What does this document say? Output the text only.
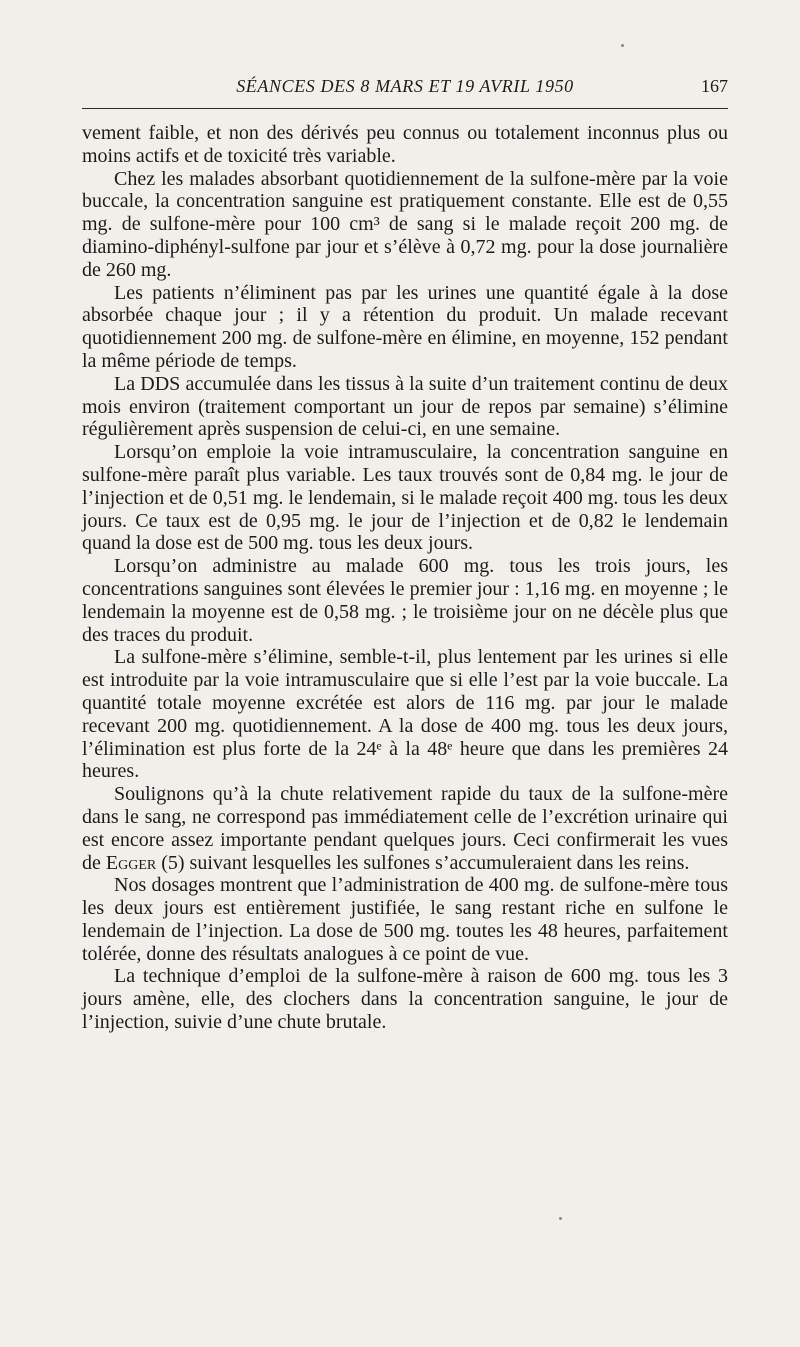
SÉANCES DES 8 MARS ET 19 AVRIL 1950	167

vement faible, et non des dérivés peu connus ou totalement inconnus plus ou moins actifs et de toxicité très variable.

Chez les malades absorbant quotidiennement de la sulfone-mère par la voie buccale, la concentration sanguine est pratiquement constante. Elle est de 0,55 mg. de sulfone-mère pour 100 cm³ de sang si le malade reçoit 200 mg. de diamino-diphényl-sulfone par jour et s’élève à 0,72 mg. pour la dose journalière de 260 mg.

Les patients n’éliminent pas par les urines une quantité égale à la dose absorbée chaque jour ; il y a rétention du produit. Un malade recevant quotidiennement 200 mg. de sulfone-mère en élimine, en moyenne, 152 pendant la même période de temps.

La DDS accumulée dans les tissus à la suite d’un traitement continu de deux mois environ (traitement comportant un jour de repos par semaine) s’élimine régulièrement après suspension de celui-ci, en une semaine.

Lorsqu’on emploie la voie intramusculaire, la concentration sanguine en sulfone-mère paraît plus variable. Les taux trouvés sont de 0,84 mg. le jour de l’injection et de 0,51 mg. le lendemain, si le malade reçoit 400 mg. tous les deux jours. Ce taux est de 0,95 mg. le jour de l’injection et de 0,82 le lendemain quand la dose est de 500 mg. tous les deux jours.

Lorsqu’on administre au malade 600 mg. tous les trois jours, les concentrations sanguines sont élevées le premier jour : 1,16 mg. en moyenne ; le lendemain la moyenne est de 0,58 mg. ; le troisième jour on ne décèle plus que des traces du produit.

La sulfone-mère s’élimine, semble-t-il, plus lentement par les urines si elle est introduite par la voie intramusculaire que si elle l’est par la voie buccale. La quantité totale moyenne excrétée est alors de 116 mg. par jour le malade recevant 200 mg. quotidiennement. A la dose de 400 mg. tous les deux jours, l’élimination est plus forte de la 24ᵉ à la 48ᵉ heure que dans les premières 24 heures.

Soulignons qu’à la chute relativement rapide du taux de la sulfone-mère dans le sang, ne correspond pas immédiatement celle de l’excrétion urinaire qui est encore assez importante pendant quelques jours. Ceci confirmerait les vues de Egger (5) suivant lesquelles les sulfones s’accumuleraient dans les reins.

Nos dosages montrent que l’administration de 400 mg. de sulfone-mère tous les deux jours est entièrement justifiée, le sang restant riche en sulfone le lendemain de l’injection. La dose de 500 mg. toutes les 48 heures, parfaitement tolérée, donne des résultats analogues à ce point de vue.

La technique d’emploi de la sulfone-mère à raison de 600 mg. tous les 3 jours amène, elle, des clochers dans la concentration sanguine, le jour de l’injection, suivie d’une chute brutale.
